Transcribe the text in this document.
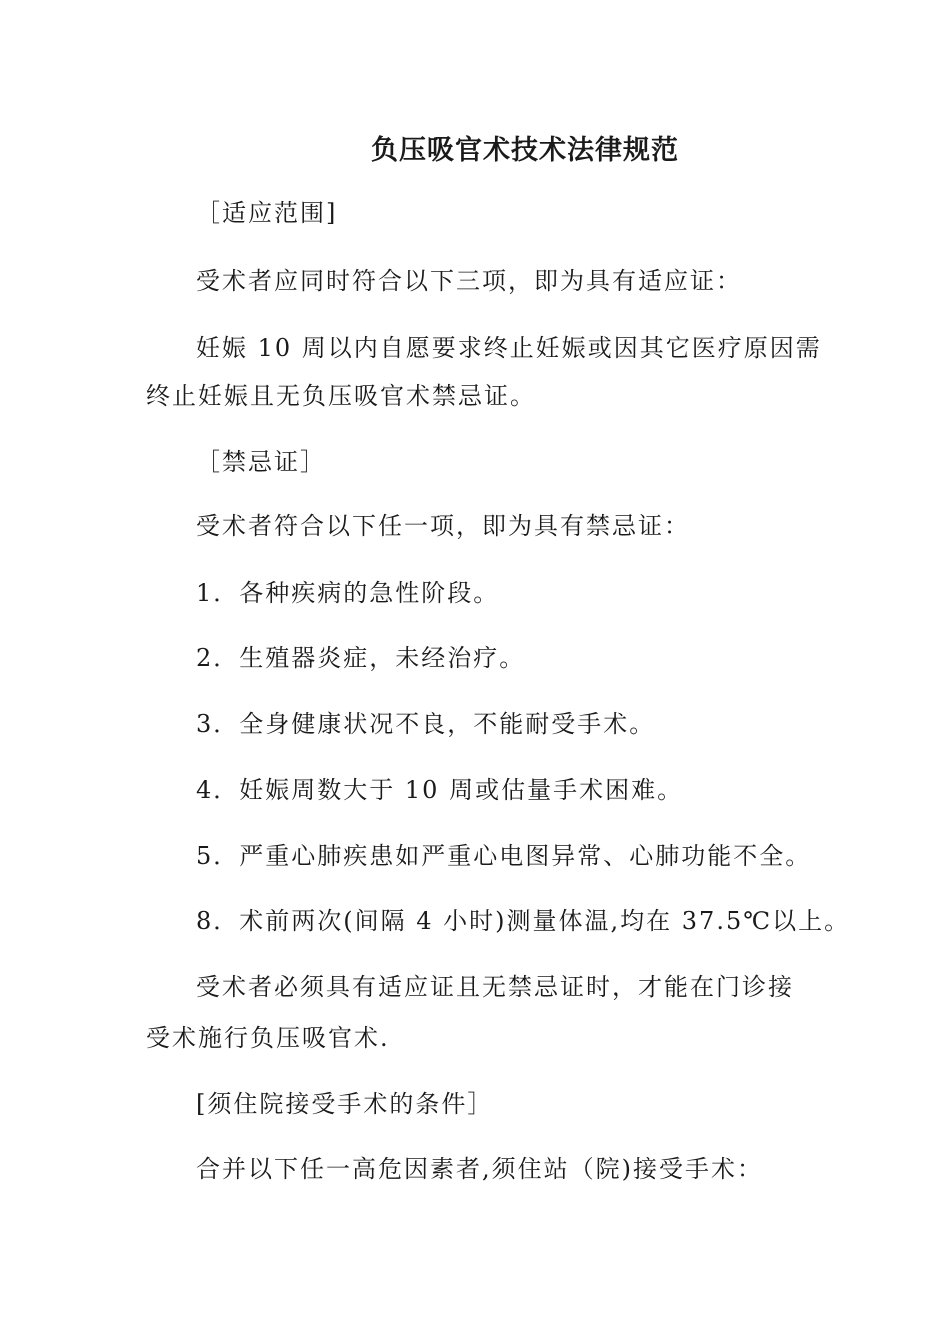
负压吸官术技术法律规范

［适应范围]

受术者应同时符合以下三项，即为具有适应证：

妊娠 10 周以内自愿要求终止妊娠或因其它医疗原因需

终止妊娠且无负压吸官术禁忌证。

［禁忌证］

受术者符合以下任一项，即为具有禁忌证：

1．各种疾病的急性阶段。

2．生殖器炎症，未经治疗。

3．全身健康状况不良，不能耐受手术。

4．妊娠周数大于 10 周或估量手术困难。

5．严重心肺疾患如严重心电图异常、心肺功能不全。

8．术前两次(间隔 4 小时)测量体温,均在 37.5℃以上。

受术者必须具有适应证且无禁忌证时，才能在门诊接

受术施行负压吸官术.

[须住院接受手术的条件］

合并以下任一高危因素者,须住站（院)接受手术：
